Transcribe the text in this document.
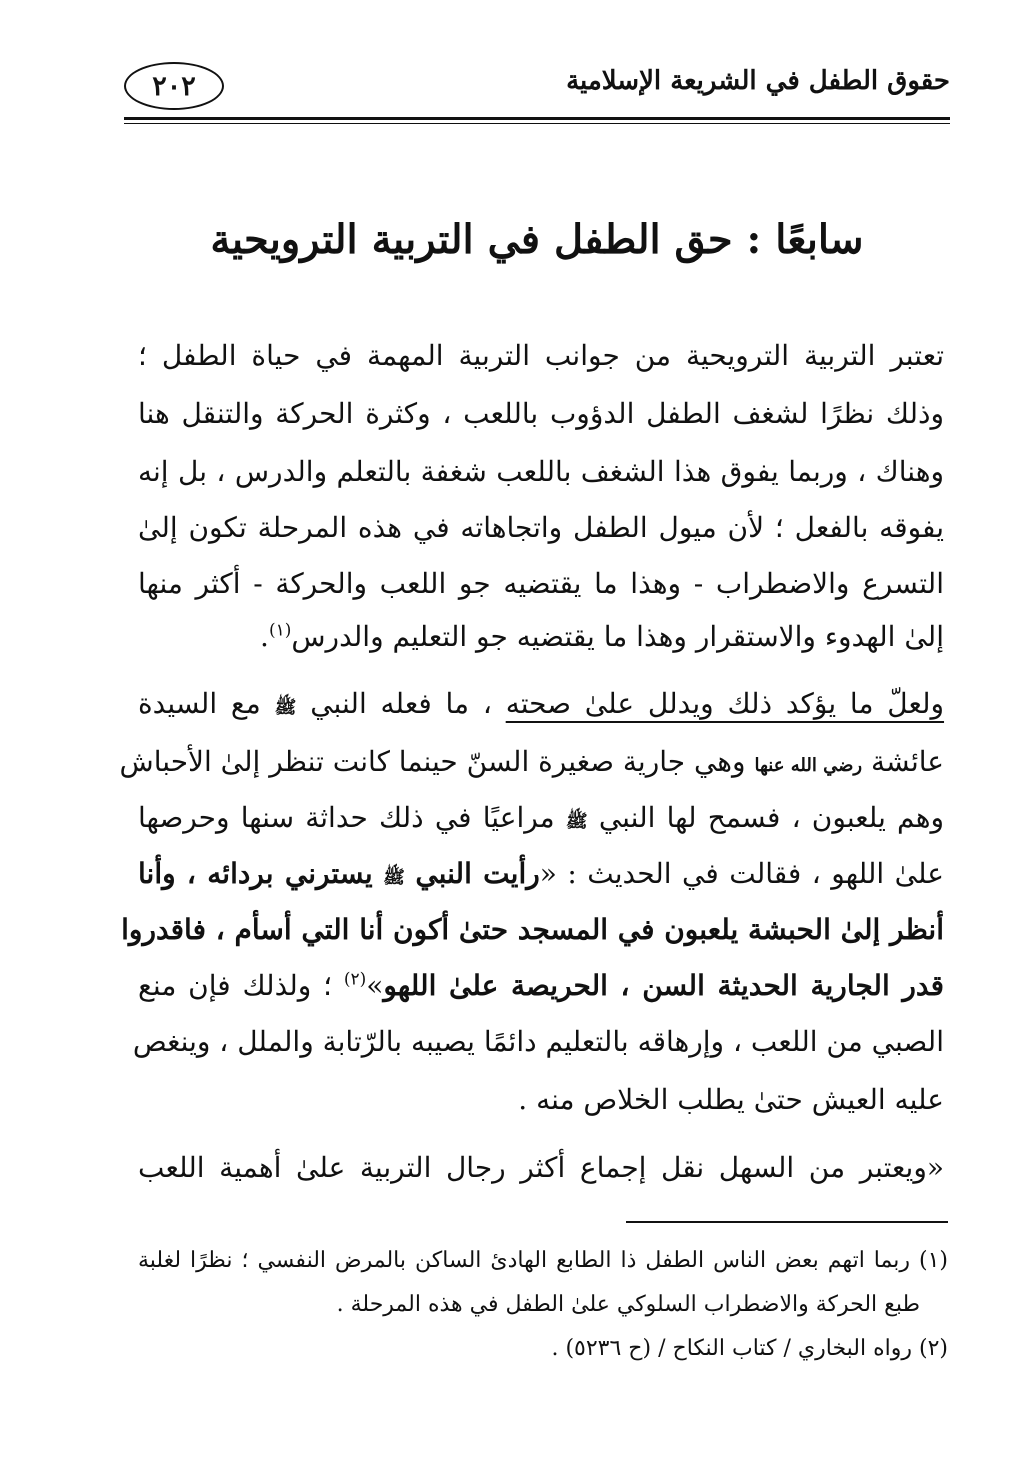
٢٠٢	حقوق الطفل في الشريعة الإسلامية
سابعًا : حق الطفل في التربية الترويحية
تعتبر التربية الترويحية من جوانب التربية المهمة في حياة الطفل ؛
وذلك نظرًا لشغف الطفل الدؤوب باللعب ، وكثرة الحركة والتنقل هنا
وهناك ، وربما يفوق هذا الشغف باللعب شغفة بالتعلم والدرس ، بل إنه
يفوقه بالفعل ؛ لأن ميول الطفل واتجاهاته في هذه المرحلة تكون إلىٰ
التسرع والاضطراب - وهذا ما يقتضيه جو اللعب والحركة - أكثر منها
إلىٰ الهدوء والاستقرار وهذا ما يقتضيه جو التعليم والدرس$^{(١)}$.
ولعلّ ما يؤكد ذلك ويدلل علىٰ صحته ، ما فعله النبي ﷺ مع السيدة
عائشة رضي الله عنها وهي جارية صغيرة السنّ حينما كانت تنظر إلىٰ الأحباش
وهم يلعبون ، فسمح لها النبي ﷺ مراعيًا في ذلك حداثة سنها وحرصها
علىٰ اللهو ، فقالت في الحديث : «رأيت النبي ﷺ يسترني بردائه ، وأنا
أنظر إلىٰ الحبشة يلعبون في المسجد حتىٰ أكون أنا التي أسأم ، فاقدروا
قدر الجارية الحديثة السن ، الحريصة علىٰ اللهو»$^{(٢)}$ ؛ ولذلك فإن منع
الصبي من اللعب ، وإرهاقه بالتعليم دائمًا يصيبه بالرّتابة والملل ، وينغص
عليه العيش حتىٰ يطلب الخلاص منه .
«ويعتبر من السهل نقل إجماع أكثر رجال التربية علىٰ أهمية اللعب
(١) ربما اتهم بعض الناس الطفل ذا الطابع الهادئ الساكن بالمرض النفسي ؛ نظرًا لغلبة
طبع الحركة والاضطراب السلوكي علىٰ الطفل في هذه المرحلة .
(٢) رواه البخاري / كتاب النكاح / (ح ٥٢٣٦) .
